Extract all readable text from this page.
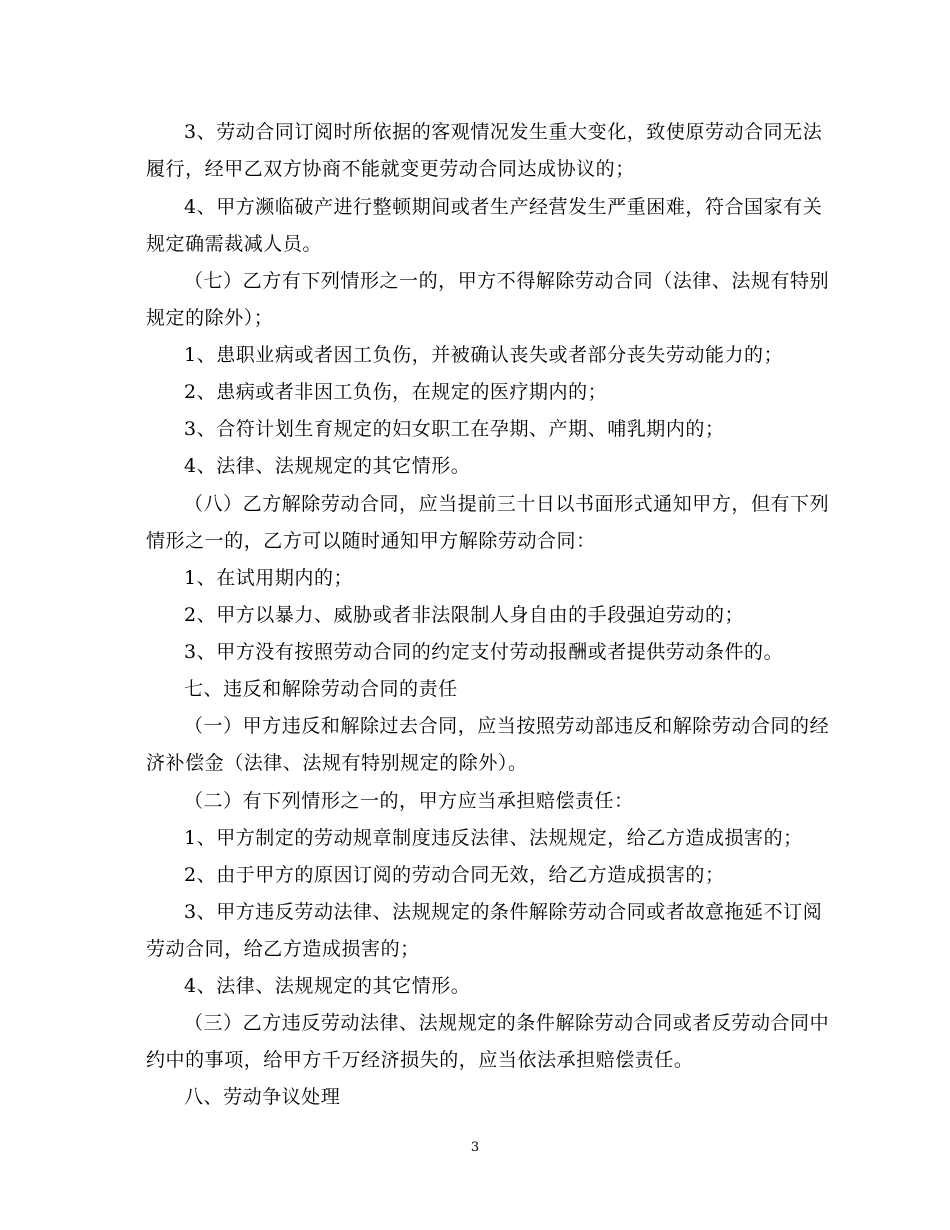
3、劳动合同订阅时所依据的客观情况发生重大变化，致使原劳动合同无法
履行，经甲乙双方协商不能就变更劳动合同达成协议的；
4、甲方濒临破产进行整顿期间或者生产经营发生严重困难，符合国家有关
规定确需裁减人员。
（七）乙方有下列情形之一的，甲方不得解除劳动合同（法律、法规有特别
规定的除外）；
1、患职业病或者因工负伤，并被确认丧失或者部分丧失劳动能力的；
2、患病或者非因工负伤，在规定的医疗期内的；
3、合符计划生育规定的妇女职工在孕期、产期、哺乳期内的；
4、法律、法规规定的其它情形。
（八）乙方解除劳动合同，应当提前三十日以书面形式通知甲方，但有下列
情形之一的，乙方可以随时通知甲方解除劳动合同：
1、在试用期内的；
2、甲方以暴力、威胁或者非法限制人身自由的手段强迫劳动的；
3、甲方没有按照劳动合同的约定支付劳动报酬或者提供劳动条件的。
七、违反和解除劳动合同的责任
（一）甲方违反和解除过去合同，应当按照劳动部违反和解除劳动合同的经
济补偿金（法律、法规有特别规定的除外）。
（二）有下列情形之一的，甲方应当承担赔偿责任：
1、甲方制定的劳动规章制度违反法律、法规规定，给乙方造成损害的；
2、由于甲方的原因订阅的劳动合同无效，给乙方造成损害的；
3、甲方违反劳动法律、法规规定的条件解除劳动合同或者故意拖延不订阅
劳动合同，给乙方造成损害的；
4、法律、法规规定的其它情形。
（三）乙方违反劳动法律、法规规定的条件解除劳动合同或者反劳动合同中
约中的事项，给甲方千万经济损失的，应当依法承担赔偿责任。
八、劳动争议处理
3
